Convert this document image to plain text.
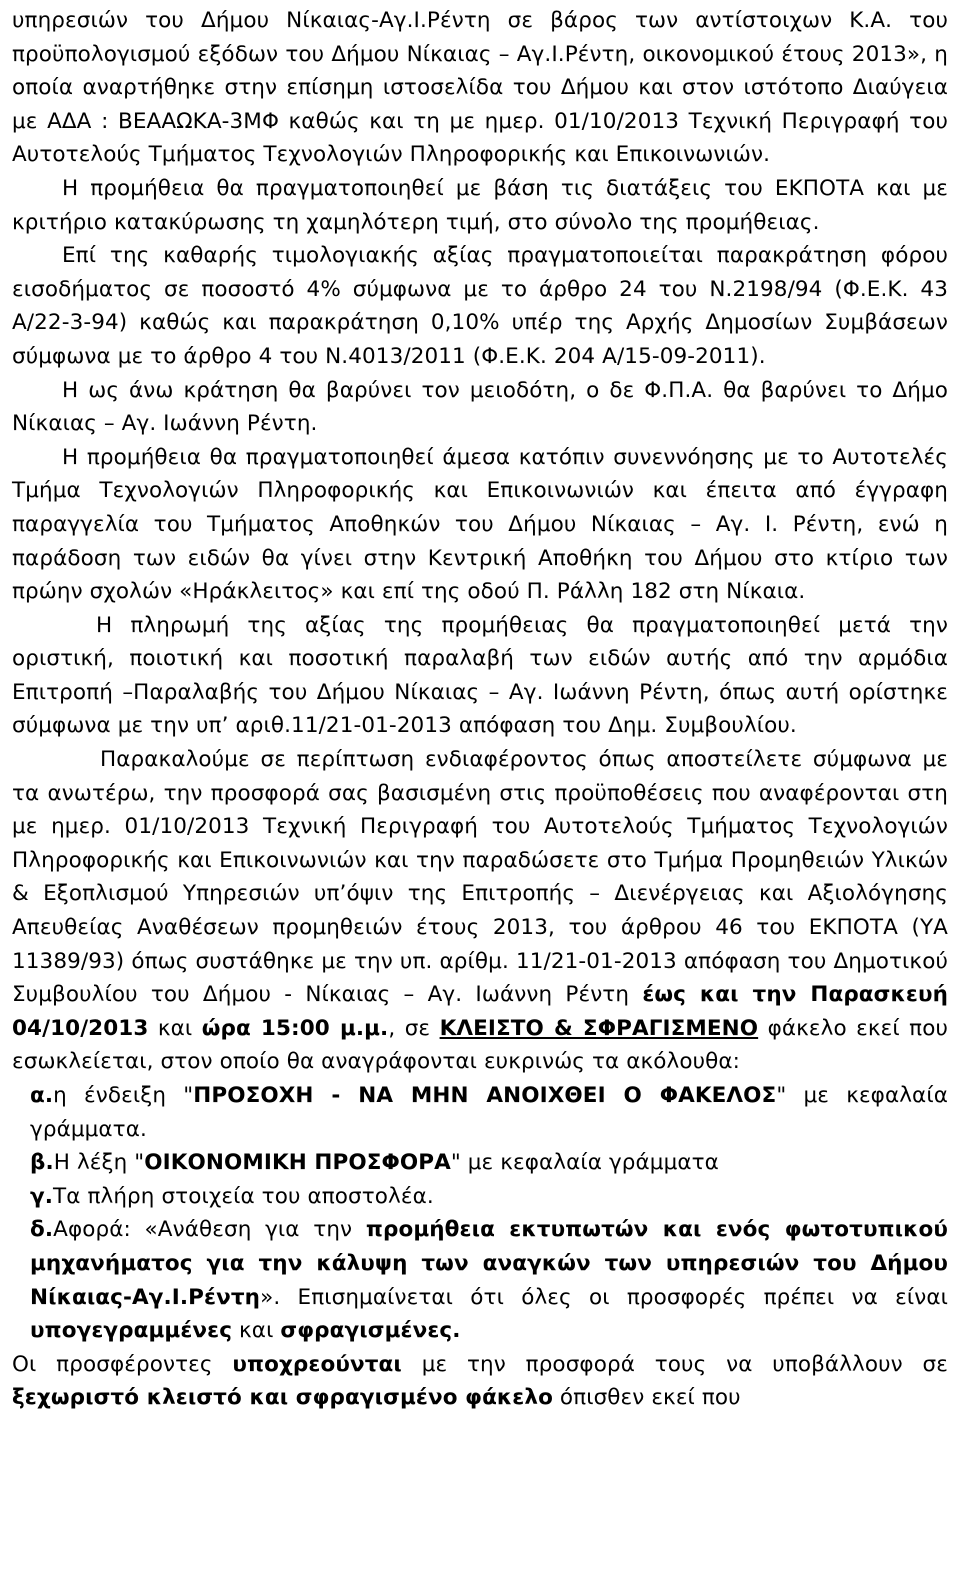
υπηρεσιών του Δήμου Νίκαιας-Αγ.Ι.Ρέντη σε βάρος των αντίστοιχων Κ.Α. του προϋπολογισμού εξόδων του Δήμου Νίκαιας – Αγ.Ι.Ρέντη, οικονομικού έτους 2013», η οποία αναρτήθηκε στην επίσημη ιστοσελίδα του Δήμου και στον ιστότοπο Διαύγεια με ΑΔΑ : ΒΕΑΑΩΚΑ-3ΜΦ καθώς και τη με ημερ. 01/10/2013 Τεχνική Περιγραφή του Αυτοτελούς Τμήματος Τεχνολογιών Πληροφορικής και Επικοινωνιών.

Η προμήθεια θα πραγματοποιηθεί με βάση τις διατάξεις του ΕΚΠΟΤΑ και με κριτήριο κατακύρωσης τη χαμηλότερη τιμή, στο σύνολο της προμήθειας.

Επί της καθαρής τιμολογιακής αξίας πραγματοποιείται παρακράτηση φόρου εισοδήματος σε ποσοστό 4% σύμφωνα με το άρθρο 24 του Ν.2198/94 (Φ.Ε.Κ. 43 Α/22-3-94) καθώς και παρακράτηση 0,10% υπέρ της Αρχής Δημοσίων Συμβάσεων σύμφωνα με το άρθρο 4 του Ν.4013/2011 (Φ.Ε.Κ. 204 Α/15-09-2011).

Η ως άνω κράτηση θα βαρύνει τον μειοδότη, ο δε Φ.Π.Α. θα βαρύνει το Δήμο Νίκαιας – Αγ. Ιωάννη Ρέντη.

Η προμήθεια θα πραγματοποιηθεί άμεσα κατόπιν συνεννόησης με το Αυτοτελές Τμήμα Τεχνολογιών Πληροφορικής και Επικοινωνιών και έπειτα από έγγραφη παραγγελία του Τμήματος Αποθηκών του Δήμου Νίκαιας – Αγ. Ι. Ρέντη, ενώ η παράδοση των ειδών θα γίνει στην Κεντρική Αποθήκη του Δήμου στο κτίριο των πρώην σχολών «Ηράκλειτος» και επί της οδού Π. Ράλλη 182 στη Νίκαια.

Η πληρωμή της αξίας της προμήθειας θα πραγματοποιηθεί μετά την οριστική, ποιοτική και ποσοτική παραλαβή των ειδών αυτής από την αρμόδια Επιτροπή –Παραλαβής του Δήμου Νίκαιας – Αγ. Ιωάννη Ρέντη, όπως αυτή ορίστηκε σύμφωνα με την υπ’ αριθ.11/21-01-2013 απόφαση του Δημ. Συμβουλίου.

Παρακαλούμε σε περίπτωση ενδιαφέροντος όπως αποστείλετε σύμφωνα με τα ανωτέρω, την προσφορά σας βασισμένη στις προϋποθέσεις που αναφέρονται στη με ημερ. 01/10/2013 Τεχνική Περιγραφή του Αυτοτελούς Τμήματος Τεχνολογιών Πληροφορικής και Επικοινωνιών και την παραδώσετε στο Τμήμα Προμηθειών Υλικών & Εξοπλισμού Υπηρεσιών υπ’όψιν της Επιτροπής – Διενέργειας και Αξιολόγησης Απευθείας Αναθέσεων προμηθειών έτους 2013, του άρθρου 46 του ΕΚΠΟΤΑ (ΥΑ 11389/93) όπως συστάθηκε με την υπ. αρίθμ. 11/21-01-2013 απόφαση του Δημοτικού Συμβουλίου του Δήμου - Νίκαιας – Αγ. Ιωάννη Ρέντη έως και την Παρασκευή 04/10/2013 και ώρα 15:00 μ.μ., σε ΚΛΕΙΣΤΟ & ΣΦΡΑΓΙΣΜΕΝΟ φάκελο εκεί που εσωκλείεται, στον οποίο θα αναγράφονται ευκρινώς τα ακόλουθα:

α.η ένδειξη "ΠΡΟΣΟΧΗ - ΝΑ ΜΗΝ ΑΝΟΙΧΘΕΙ Ο ΦΑΚΕΛΟΣ" με κεφαλαία γράμματα.

β.Η λέξη "ΟΙΚΟΝΟΜΙΚΗ ΠΡΟΣΦΟΡΑ" με κεφαλαία γράμματα

γ.Τα πλήρη στοιχεία του αποστολέα.

δ.Αφορά: «Ανάθεση για την προμήθεια εκτυπωτών και ενός φωτοτυπικού μηχανήματος για την κάλυψη των αναγκών των υπηρεσιών του Δήμου Νίκαιας-Αγ.Ι.Ρέντη». Επισημαίνεται ότι όλες οι προσφορές πρέπει να είναι υπογεγραμμένες και σφραγισμένες.

Οι προσφέροντες υποχρεούνται με την προσφορά τους να υποβάλλουν σε ξεχωριστό κλειστό και σφραγισμένο φάκελο όπισθεν εκεί που
